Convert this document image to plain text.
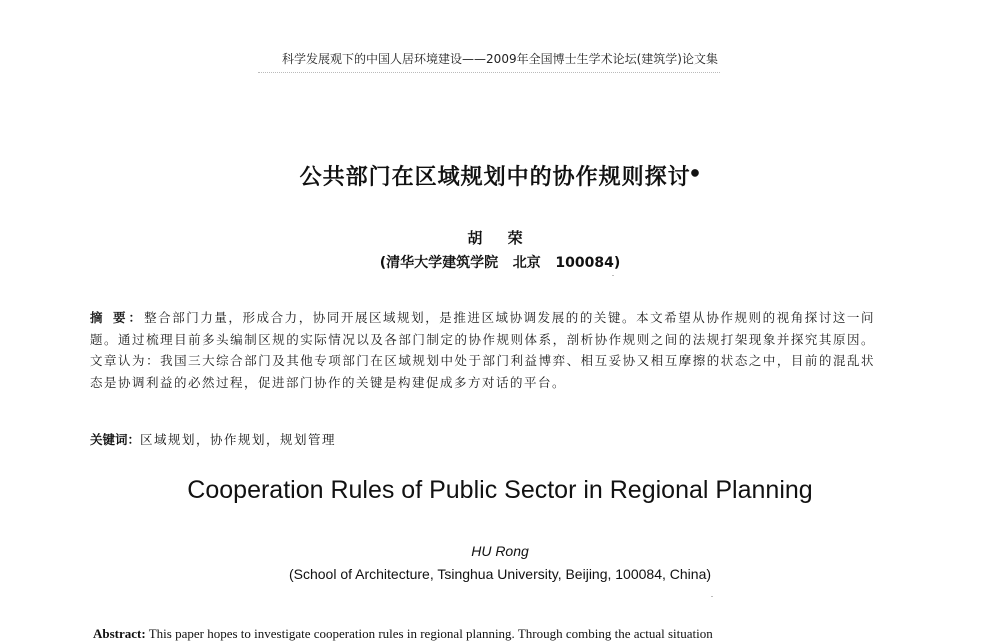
科学发展观下的中国人居环境建设——2009年全国博士生学术论坛(建筑学)论文集
公共部门在区域规划中的协作规则探讨●
胡 荣
(清华大学建筑学院   北京   100084)
摘 要：整合部门力量，形成合力，协同开展区域规划，是推进区域协调发展的的关键。本文希望从协作规则的视角探讨这一问题。通过梳理目前多头编制区规的实际情况以及各部门制定的协作规则体系，剖析协作规则之间的法规打架现象并探究其原因。文章认为：我国三大综合部门及其他专项部门在区域规划中处于部门利益博弈、相互妥协又相互摩擦的状态之中，目前的混乱状态是协调利益的必然过程，促进部门协作的关键是构建促成多方对话的平台。
关键词：区域规划，协作规划，规划管理
Cooperation Rules of Public Sector in Regional Planning
HU Rong
(School of Architecture, Tsinghua University, Beijing, 100084, China)
Abstract: This paper hopes to investigate cooperation rules in regional planning. Through combing the actual situation
